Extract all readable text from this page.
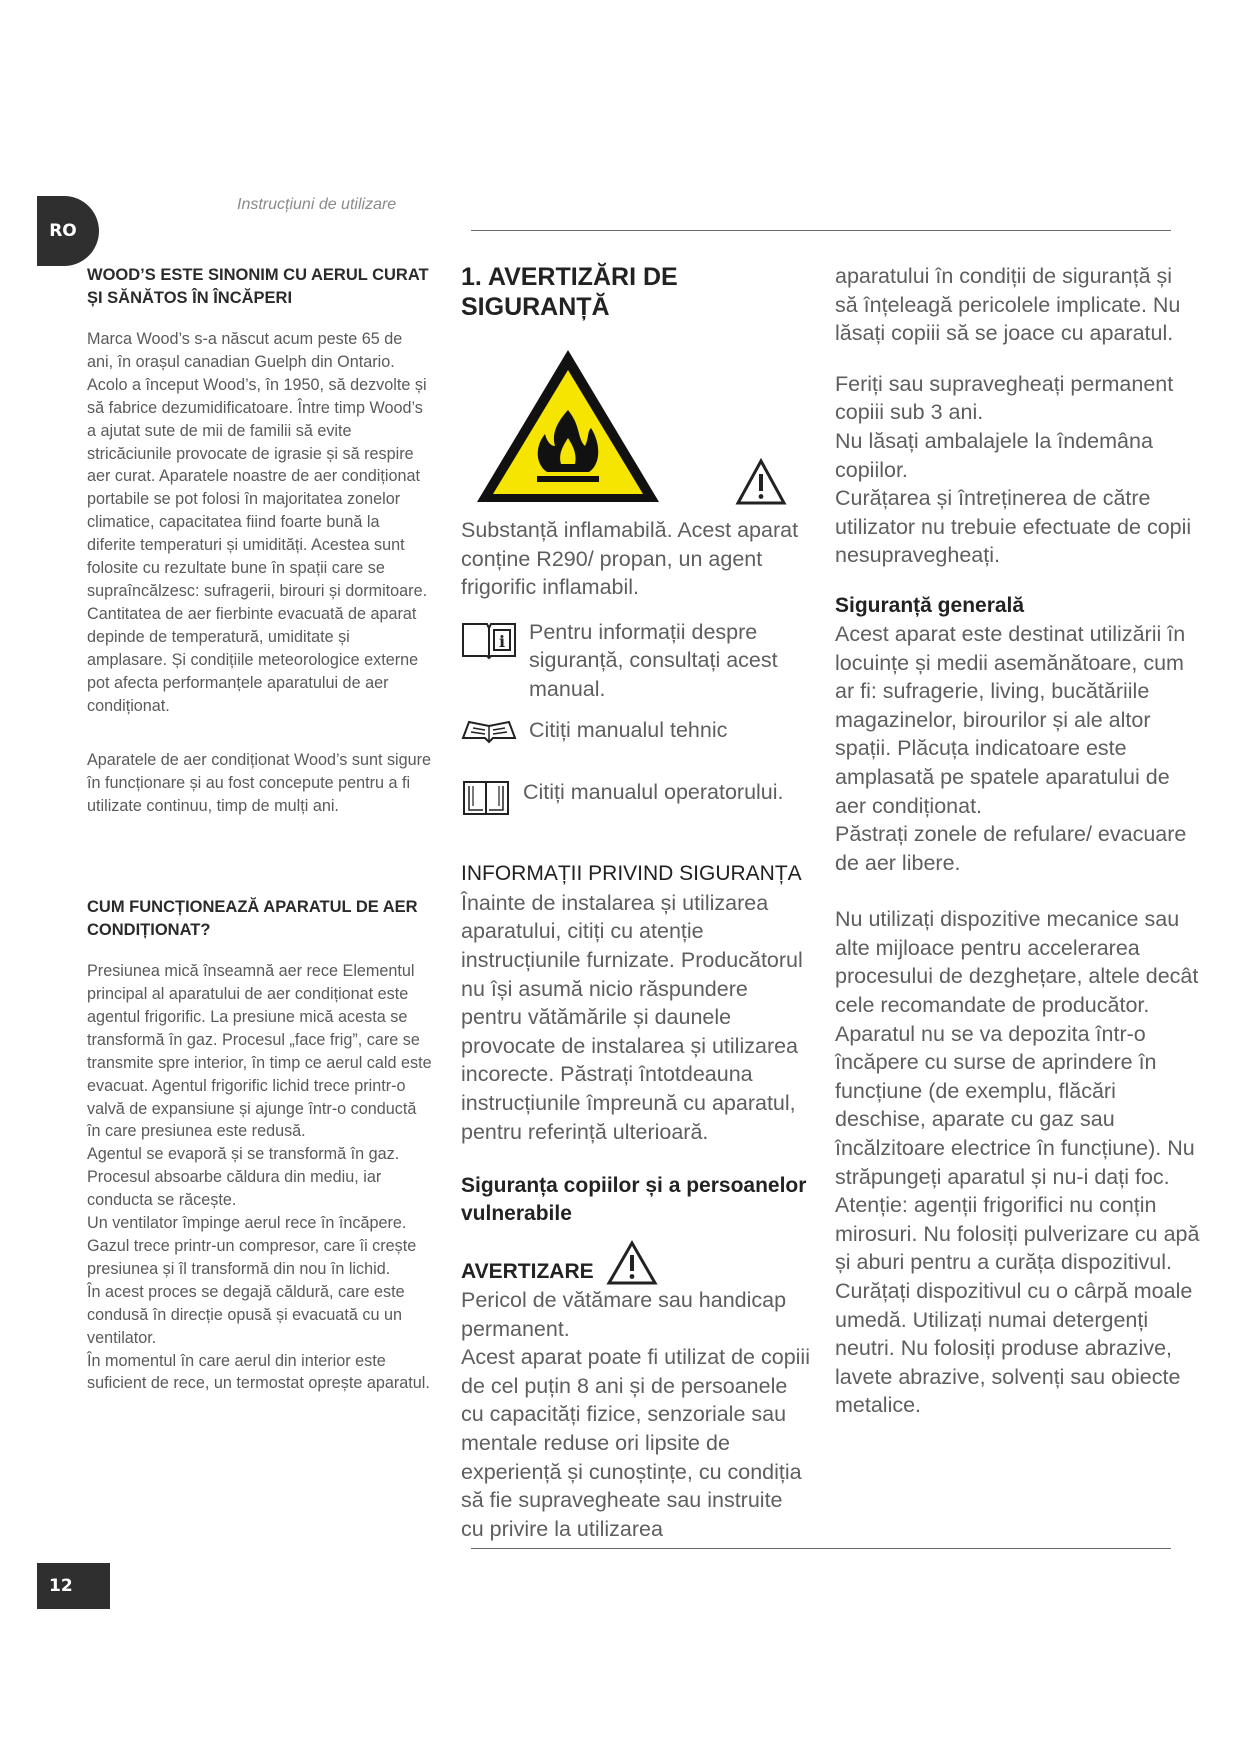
RO
Instrucțiuni de utilizare
WOOD’S ESTE SINONIM CU AERUL CURAT ȘI SĂNĂTOS ÎN ÎNCĂPERI

Marca Wood’s s-a născut acum peste 65 de ani, în orașul canadian Guelph din Ontario. Acolo a început Wood’s, în 1950, să dezvolte și să fabrice dezumidificatoare. Între timp Wood’s a ajutat sute de mii de familii să evite stricăciunile provocate de igrasie și să respire aer curat. Aparatele noastre de aer condiționat portabile se pot folosi în majoritatea zonelor climatice, capacitatea fiind foarte bună la diferite temperaturi și umidități. Acestea sunt folosite cu rezultate bune în spații care se supraîncălzesc: sufragerii, birouri și dormitoare. Cantitatea de aer fierbinte evacuată de aparat depinde de temperatură, umiditate și amplasare. Și condițiile meteorologice externe pot afecta performanțele aparatului de aer condiționat.

Aparatele de aer condiționat Wood’s sunt sigure în funcționare și au fost concepute pentru a fi utilizate continuu, timp de mulți ani.

CUM FUNCȚIONEAZĂ APARATUL DE AER CONDIȚIONAT?

Presiunea mică înseamnă aer rece Elementul principal al aparatului de aer condiționat este agentul frigorific. La presiune mică acesta se transformă în gaz. Procesul „face frig”, care se transmite spre interior, în timp ce aerul cald este evacuat. Agentul frigorific lichid trece printr-o valvă de expansiune și ajunge într-o conductă în care presiunea este redusă.

Agentul se evaporă și se transformă în gaz. Procesul absoarbe căldura din mediu, iar conducta se răcește.

Un ventilator împinge aerul rece în încăpere.

Gazul trece printr-un compresor, care îi crește presiunea și îl transformă din nou în lichid.

În acest proces se degajă căldură, care este condusă în direcție opusă și evacuată cu un ventilator.

În momentul în care aerul din interior este suficient de rece, un termostat oprește aparatul.

1. AVERTIZĂRI DE SIGURANȚĂ

Substanță inflamabilă. Acest aparat conține R290/ propan, un agent frigorific inflamabil.

i Pentru informații despre siguranță, consultați acest manual.

Citiți manualul tehnic

Citiți manualul operatorului.

INFORMAȚII PRIVIND SIGURANȚA

Înainte de instalarea și utilizarea aparatului, citiți cu atenție instrucțiunile furnizate. Producătorul nu își asumă nicio răspundere pentru vătămările și daunele provocate de instalarea și utilizarea incorecte. Păstrați întotdeauna instrucțiunile împreună cu aparatul, pentru referință ulterioară.

Siguranța copiilor și a persoanelor vulnerabile

AVERTIZARE

Pericol de vătămare sau handicap permanent.

Acest aparat poate fi utilizat de copiii de cel puțin 8 ani și de persoanele cu capacități fizice, senzoriale sau mentale reduse ori lipsite de experiență și cunoștințe, cu condiția să fie supravegheate sau instruite cu privire la utilizarea

aparatului în condiții de siguranță și să înțeleagă pericolele implicate. Nu lăsați copiii să se joace cu aparatul.

Feriți sau supravegheați permanent copiii sub 3 ani.

Nu lăsați ambalajele la îndemâna copiilor.

Curățarea și întreținerea de către utilizator nu trebuie efectuate de copii nesupravegheați.

Siguranță generală

Acest aparat este destinat utilizării în locuințe și medii asemănătoare, cum ar fi: sufragerie, living, bucătăriile magazinelor, birourilor și ale altor spații. Plăcuța indicatoare este amplasată pe spatele aparatului de aer condiționat.

Păstrați zonele de refulare/ evacuare de aer libere.

Nu utilizați dispozitive mecanice sau alte mijloace pentru accelerarea procesului de dezghețare, altele decât cele recomandate de producător.

Aparatul nu se va depozita într-o încăpere cu surse de aprindere în funcțiune (de exemplu, flăcări deschise, aparate cu gaz sau încălzitoare electrice în funcțiune). Nu străpungeți aparatul și nu-i dați foc.

Atenție: agenții frigorifici nu conțin mirosuri. Nu folosiți pulverizare cu apă și aburi pentru a curăța dispozitivul. Curățați dispozitivul cu o cârpă moale umedă. Utilizați numai detergenți neutri. Nu folosiți produse abrazive, lavete abrazive, solvenți sau obiecte metalice.

12
